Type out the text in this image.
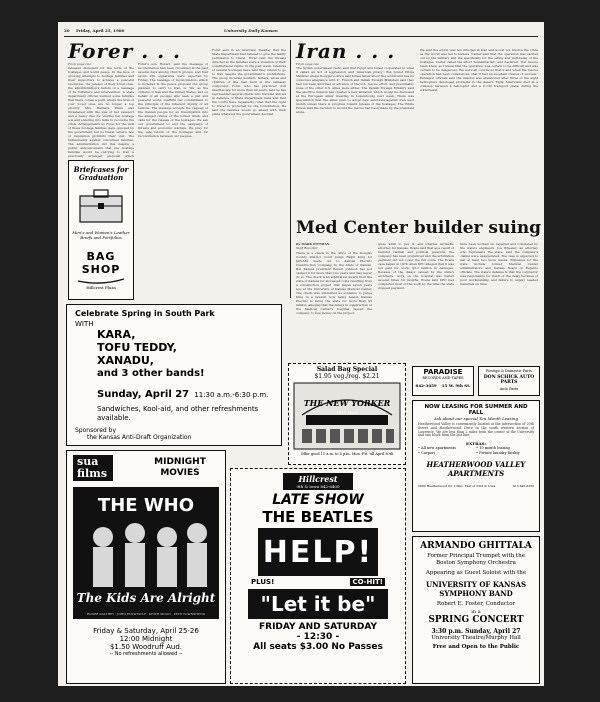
20 Friday, April 25, 1980	University Daily Kansan
Forer . . .
From page one
released disregard for the form of the hostages and world peace. In the face of growing attempts to hostage families and their supporters to achieve a peaceful resolution, the release of their loved ones, the administration's failure of a message of its forfeiture and intervention. A state department official warned some families that there comes a point where the lives of your loved ones are no longer a top priority. Mrs. Barbara Timm was threatened with the loss of her passport and a heavy fine for visiting her hostage son and entering into talks to reconcile the crisis. Arrangements by Forer for the visit of these hostage families were opposed by the government but no travel, letters, law or regulation prohibits their visit. The harassments against concerned families. The administration did this despite a public announcement that the hostage families would be carrying to Iran a previously arranged proposal which
Briefcases for Graduation
Men's and Women's Leather Briefs and Portfolios
BAG SHOP
Hillcrest Plaza
Forer's son, Robert, said the message of reconciliation had been circulated in the past several days among church groups, and that about 250 signatures were expected by Friday. The message of reconciliation, which is included in the peace proposal the group planned to carry to Iran, is: We, as the citizens of Iran and the United States, and on behalf of all peoples who seek a just and peaceful world, reaffirm our commitment to the principle of the inherent dignity of all nations. The message accepts the request of the Iranian people for an investigation into the alleged crimes of the former Shah, and calls for the release of the hostages. We ask our government to end the campaign of threats and economic warfare. We pray for the safe return of the hostages and for reconciliation between our peoples.
Forer said in an interview Tuesday that the State Department had refused to give the family permission to travel. Forer said the threats directed at the families were a violation of their constitutional rights. In the past week, relatives of several hostages have said they intend to go to Iran despite the government's prohibitions. The group includes mothers, fathers, wives and children of the men held in the embassy compound. Forer, who has practiced civil liberties law for more than 40 years, said he has represented several clients who traveled abroad in defiance of State Department bans and that the courts have repeatedly ruled that the right to travel is protected by the Constitution. He said the families would go ahead with their plans whatever the government decided.
Iran . . .
From page one
The Syrian government radio said that Egypt and Israel cooperated in what it called an 'act of aggression' and 'American piracy'. But Soviet Prime Minister Alexei Kosygin's office said Israel 'knew about the action and has no conscious allegiance with it'. French and Italian Foreign Ministers said they had not been informed in advance of the U.S. rescue effort, and presumably none of the other U.S. allies were either. The Danish Foreign Ministry said the abortive mission has created a new situation which would be discussed at the European allies' meeting in Luxembourg next week. There was speculation that the allies plan to adopt new sanctions against Iran next month unless there is progress toward release of the hostages. The White House said the decision to mount the rescue had been made by the president alone.
He said the action was not directed at Iran and would not involve the crisis as the world was led to believe. Carter said that the operation was carried out by the military and the specifically for the safety and well-being of the hostages. Carter called the effort 'humanitarian', and declared: 'Our rescue team knew, as I knew, that the operation was certain to be difficult and was certain to be dangerous. We were all convinced that if and when the rescue operation had been commenced, that it had an excellent chance of success.' Pentagon officials said the mission was abandoned after three of the eight helicopters developed problems in the desert. Eight Americans died in a collision between a helicopter and a C-130 transport plane during the withdrawal.
Med Center builder suing
By MARK PITTMAN
Staff Reporter
There is a check in the office of the Douglas County District Court Judge Ralph King for $95,882 made out to Kansas Electric Construction Company by the State of Kansas. But Kansas president Robert Johnson has not cashed it for more than two years and may never do so. The check is an arbitration award from the state of Kansas for increased costs resulting from a construction project that began seven years ago at the University of Kansas Medical Center. The check was submitted as evidence to Judge King in a lawsuit now being heard. Kansas Electric is suing the state for more than $3 million, alleging that the delays in construction of the Medical Center's hospital caused the company to lose money on the project.
gives $300 to pay it, and Charles Arcikelis, attorney for Kansas. Evans said that as a result of harmful rainfall and political pressure, the company has been prejudiced and the arbitration payment did not cover the full costs. The Evans case began in 1974 when KEC alleged that it was not paid for work, $3.2 million in damages. Because of the delays caused by the state's architects, work on the hospital was halted several times for months. Evans said KEC had completed most of the work by the time the state stopped payment.
have been worked on, repaired and completed by the state's engineers. Joe Wheeler, an attorney who represents the state, said the company's claims were exaggerated. The case is expected to last at least two more weeks. Witnesses for the state include former Medical Center administrators and Kansas Board of Regents officials. The state's defense is that the contractor was responsible for much of the delay because of poor workmanship and failure to supply needed materials on time.
Celebrate Spring in South Park
WITH
KARA,
TOFU TEDDY,
XANADU,
and 3 other bands!
Sunday, April 27 11:30 a.m.-6:30 p.m.
Sandwiches, Kool-aid, and other refreshments available.
Sponsored by
the Kansas Anti-Draft Organization
Salad Bag Special
$1.95 veg./reg. $2.21
THE NEW YORKER
1021 Mass
Offer good 11 a.m. to 5 p.m. Mon.-Fri. till April 30th
PARADISE
RECORDS AND TAPES
842-3059 15 W. 9th St.
Foreign & Domestic Parts
DON SCHICK AUTO PARTS
Auto Parts
NOW LEASING FOR SUMMER AND FALL
Ask about our special Ten Month Leasing
Heatherwood Valley is conveniently located at the intersection of 20th Street and Heatherwood Drive in the south western section of Lawrence. We are less than 2 miles from the center of the University and one block from the bus line.
EXTRAS:
• All new apartments	• 10 month leasing
• Carport	• Private laundry facility
HEATHERWOOD VALLEY APARTMENTS
2000 Heatherwood Dr. 2 blks. East of 23rd & Iowa	913 843-6256
sua films
MIDNIGHT MOVIES
THE WHO
The Kids Are Alright
ROGER DALTREY · JOHN ENTWISTLE · KEITH MOON · PETE TOWNSHEND
Friday & Saturday, April 25-26
12:00 Midnight
$1.50 Woodruff Aud.
-- No refreshments allowed --
Hillcrest
9th & Iowa 842-6400
LATE SHOW
THE BEATLES
HELP!
PLUS!	CO-HIT!
"Let it be"
FRIDAY AND SATURDAY
- 12:30 -
All seats $3.00 No Passes
ARMANDO GHITTALA
Former Principal Trumpet with the Boston Symphony Orchestra
Appearing as Guest Soloist with the
UNIVERSITY OF KANSAS SYMPHONY BAND
Robert E. Foster, Conductor
in a
SPRING CONCERT
3:30 p.m. Sunday, April 27
University Theatre/Murphy Hall
Free and Open to the Public
